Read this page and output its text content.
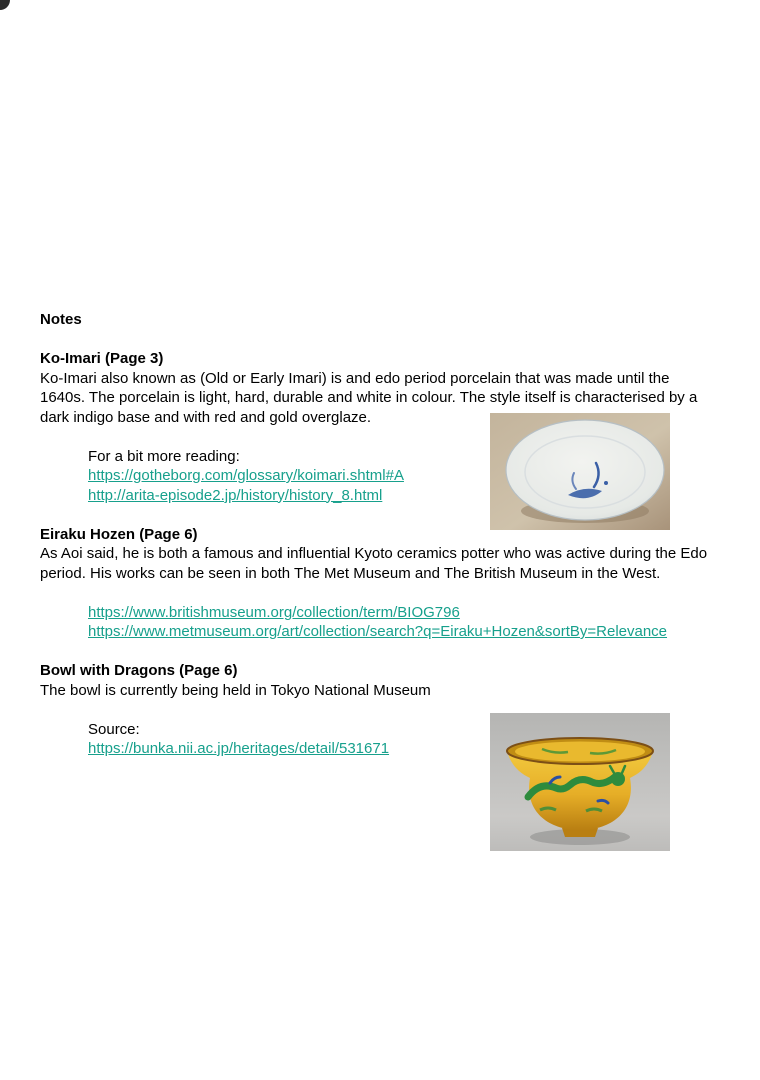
Notes

Ko-Imari (Page 3)

Ko-Imari also known as (Old or Early Imari) is and edo period porcelain that was made until the 1640s. The porcelain is light, hard, durable and white in colour. The style itself is characterised by a dark indigo base and with red and gold overglaze.

For a bit more reading:

https://gotheborg.com/glossary/koimari.shtml#A
http://arita-episode2.jp/history/history_8.html

Eiraku Hozen (Page 6)

As Aoi said, he is both a famous and influential Kyoto ceramics potter who was active during the Edo period. His works can be seen in both The Met Museum and The British Museum in the West.

https://www.britishmuseum.org/collection/term/BIOG796
https://www.metmuseum.org/art/collection/search?q=Eiraku+Hozen&sortBy=Relevance

Bowl with Dragons (Page 6)

The bowl is currently being held in Tokyo National Museum

Source:

https://bunka.nii.ac.jp/heritages/detail/531671
